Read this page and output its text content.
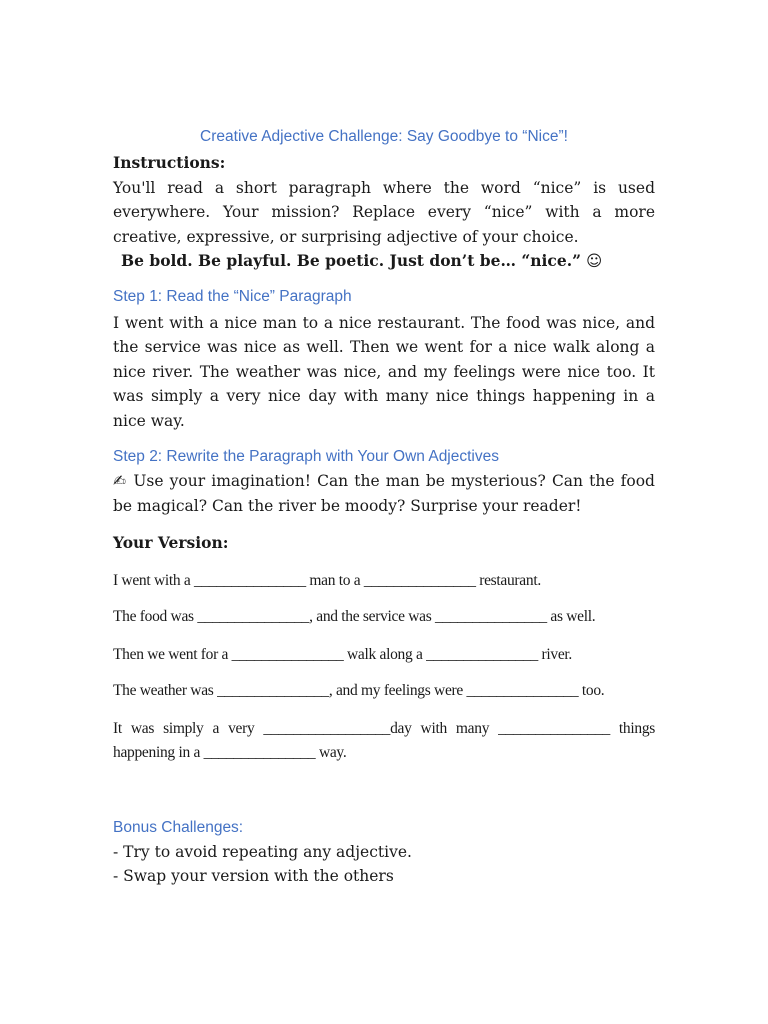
Creative Adjective Challenge: Say Goodbye to “Nice”!
Instructions:
You'll read a short paragraph where the word “nice” is used everywhere. Your mission? Replace every “nice” with a more creative, expressive, or surprising adjective of your choice.
Be bold. Be playful. Be poetic. Just don’t be… “nice.” ☺
Step 1: Read the “Nice” Paragraph
I went with a nice man to a nice restaurant. The food was nice, and the service was nice as well. Then we went for a nice walk along a nice river. The weather was nice, and my feelings were nice too. It was simply a very nice day with many nice things happening in a nice way.
Step 2: Rewrite the Paragraph with Your Own Adjectives
✍ Use your imagination! Can the man be mysterious? Can the food be magical? Can the river be moody? Surprise your reader!
Your Version:
I went with a _______________ man to a _______________ restaurant.
The food was _______________, and the service was _______________ as well.
Then we went for a _______________ walk along a _______________ river.
The weather was _______________, and my feelings were _______________ too.
It was simply a very _________________day with many _______________ things happening in a _______________ way.
Bonus Challenges:
- Try to avoid repeating any adjective.
- Swap your version with the others
